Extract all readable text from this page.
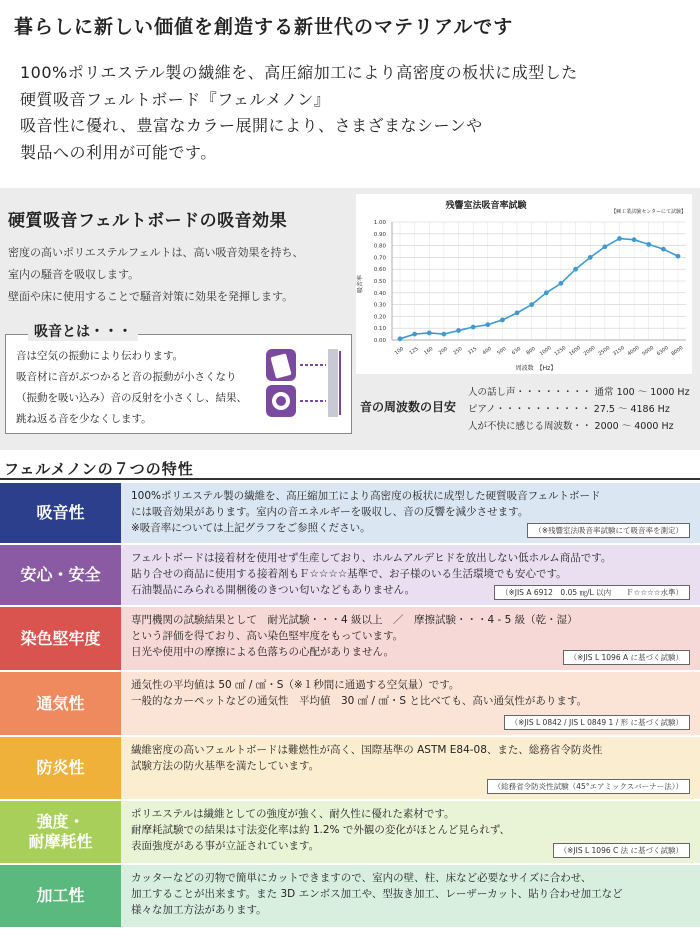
暮らしに新しい価値を創造する新世代のマテリアルです
100%ポリエステル製の繊維を、高圧縮加工により高密度の板状に成型した
硬質吸音フェルトボード『フェルメノン』
吸音性に優れ、豊富なカラー展開により、さまざまなシーンや
製品への利用が可能です。
硬質吸音フェルトボードの吸音効果
密度の高いポリエステルフェルトは、高い吸音効果を持ち、
室内の騒音を吸収します。
壁面や床に使用することで騒音対策に効果を発揮します。
吸音とは・・・
音は空気の振動により伝わります。
吸音材に音がぶつかると音の振動が小さくなり
（振動を吸い込み）音の反射を小さくし、結果、
跳ね返る音を少なくします。
残響室法吸音率試験
【㈱工業試験センターにて試験】
吸音率
周波数　【Hz】
1.00
0.90
0.80
0.70
0.60
0.50
0.40
0.30
0.20
0.10
0.00
100 125 160 200 250 315 400 500 630 800 1000 1250 1600 2000 2500 3150 4000 5000 6300 8000
音の周波数の目安
人の話し声・・・・・・・・ 通常 100 ～ 1000 Hz
ピアノ・・・・・・・・・・ 27.5 ～ 4186 Hz
人が不快に感じる周波数・・ 2000 ～ 4000 Hz
フェルメノンの７つの特性
吸音性
100%ポリエステル製の繊維を、高圧縮加工により高密度の板状に成型した硬質吸音フェルトボード
には吸音効果があります。室内の音エネルギーを吸収し、音の反響を減少させます。
※吸音率については上記グラフをご参照ください。	（※残響室法吸音率試験にて吸音率を測定）
安心・安全
フェルトボードは接着材を使用せず生産しており、ホルムアルデヒドを放出しない低ホルム商品です。
貼り合せの商品に使用する接着剤もＦ☆☆☆☆基準で、お子様のいる生活環境でも安心です。
石油製品にみられる開梱後のきつい匂いなどもありません。	（※JIS A 6912　0.05 ㎎/L 以内　　Ｆ☆☆☆☆水準）
染色堅牢度
専門機関の試験結果として　耐光試験・・・4 級以上　／　摩擦試験・・・4 - 5 級（乾・湿）
という評価を得ており、高い染色堅牢度をもっています。
日光や使用中の摩擦による色落ちの心配がありません。	（※JIS L 1096 A に基づく試験）
通気性
通気性の平均値は 50 ㎤ / ㎠・S（※１秒間に通過する空気量）です。
一般的なカーペットなどの通気性　平均値　30 ㎤ / ㎠・S と比べても、高い通気性があります。
（※JIS L 0842 / JIS L 0849 1 / 形 に基づく試験）
防炎性
繊維密度の高いフェルトボードは難燃性が高く、国際基準の ASTM E84-08、また、総務省令防炎性
試験方法の防火基準を満たしています。
（総務省令防炎性試験（45°エアミックスバーナー法））
強度・
耐摩耗性
ポリエステルは繊維としての強度が強く、耐久性に優れた素材です。
耐摩耗試験での結果は寸法変化率は約 1.2% で外観の変化がほとんど見られず、
表面強度がある事が立証されています。	（※JIS L 1096 C 法 に基づく試験）
加工性
カッターなどの刃物で簡単にカットできますので、室内の壁、柱、床など必要なサイズに合わせ、
加工することが出来ます。また 3D エンボス加工や、型抜き加工、レーザーカット、貼り合わせ加工など
様々な加工方法があります。
